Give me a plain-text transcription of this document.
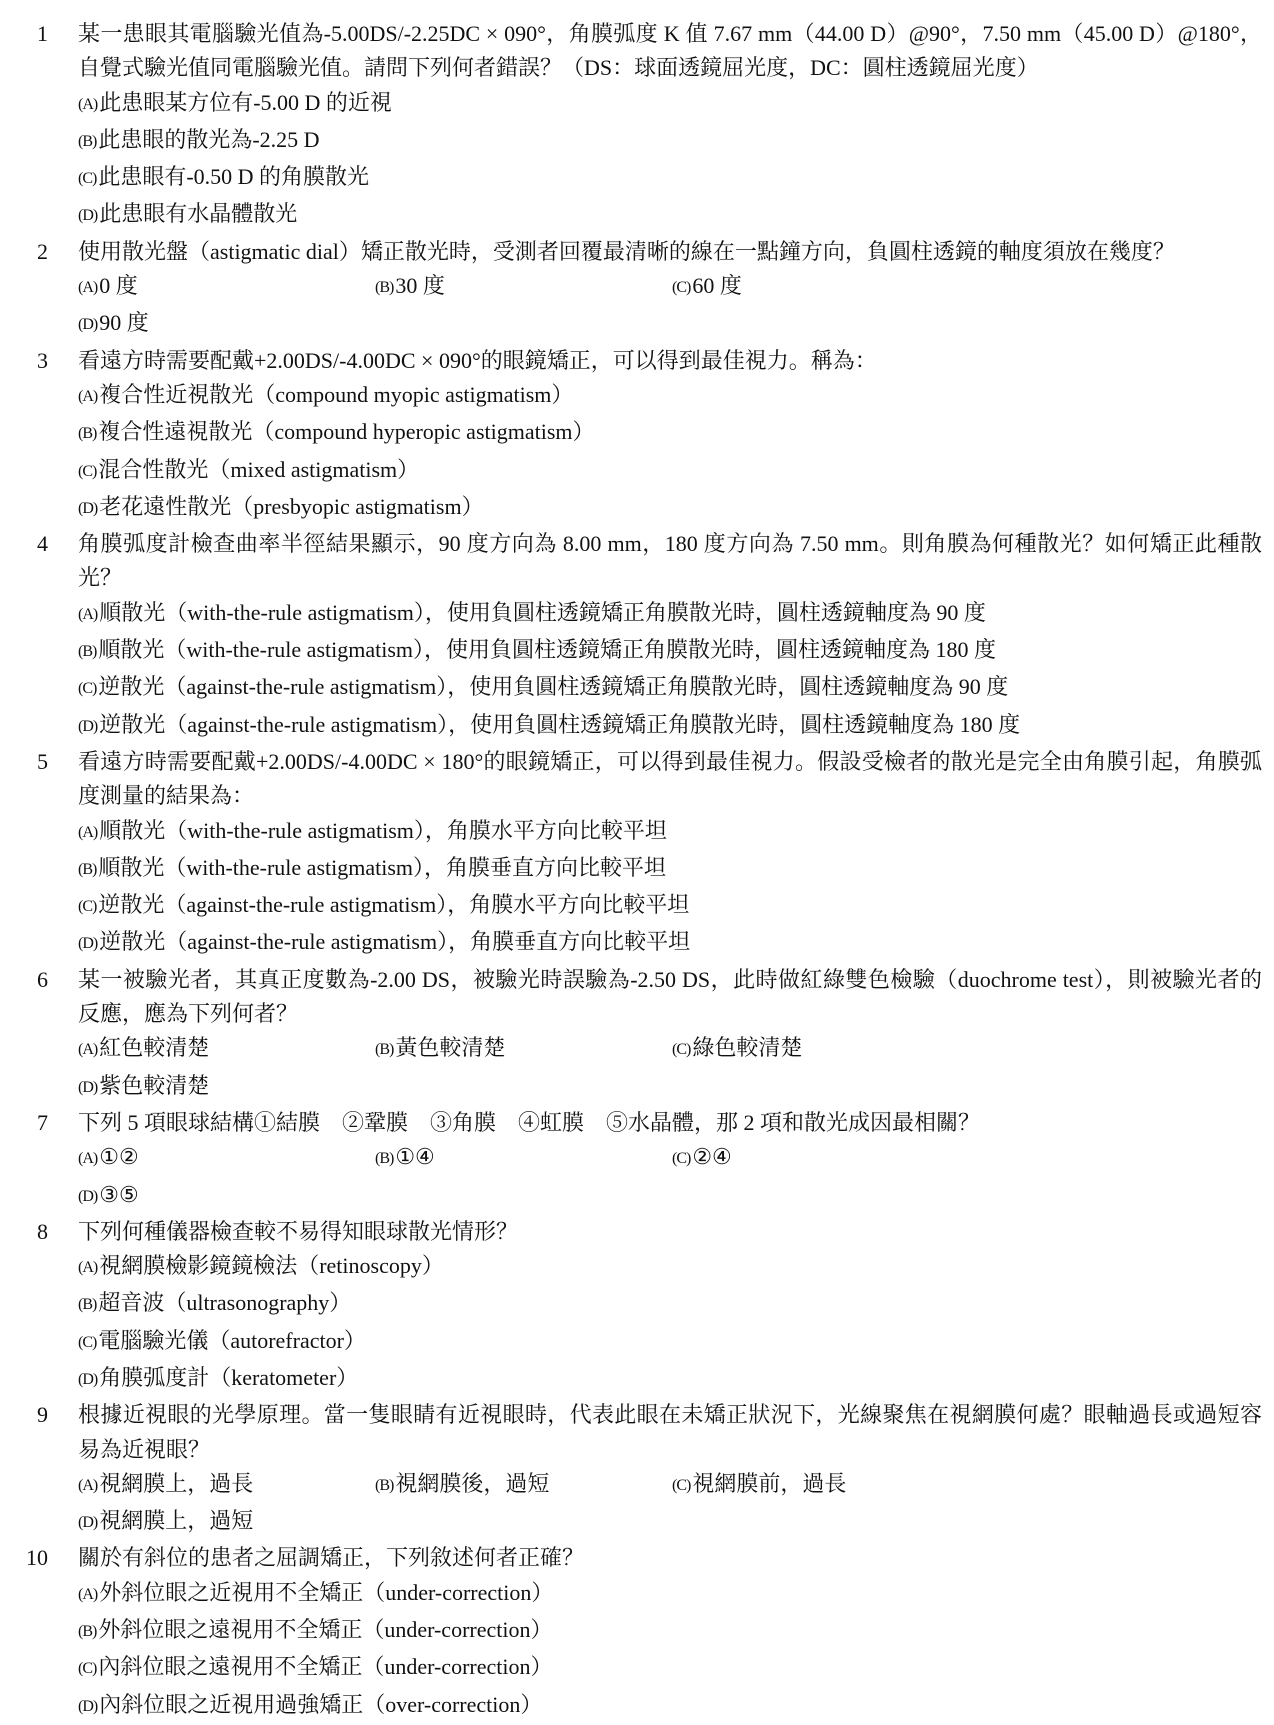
1	某一患眼其電腦驗光值為-5.00DS/-2.25DC × 090°，角膜弧度 K 值 7.67 mm（44.00 D）@90°，7.50 mm（45.00 D）@180°，自覺式驗光值同電腦驗光值。請問下列何者錯誤？（DS：球面透鏡屈光度，DC：圓柱透鏡屈光度）
(A)此患眼某方位有-5.00 D 的近視
(B)此患眼的散光為-2.25 D
(C)此患眼有-0.50 D 的角膜散光
(D)此患眼有水晶體散光
2	使用散光盤（astigmatic dial）矯正散光時，受測者回覆最清晰的線在一點鐘方向，負圓柱透鏡的軸度須放在幾度？
(A)0 度	(B)30 度	(C)60 度
(D)90 度
3	看遠方時需要配戴+2.00DS/-4.00DC × 090°的眼鏡矯正，可以得到最佳視力。稱為：
(A)複合性近視散光（compound myopic astigmatism）
(B)複合性遠視散光（compound hyperopic astigmatism）
(C)混合性散光（mixed astigmatism）
(D)老花遠性散光（presbyopic astigmatism）
4	角膜弧度計檢查曲率半徑結果顯示，90 度方向為 8.00 mm，180 度方向為 7.50 mm。則角膜為何種散光？如何矯正此種散光？
(A)順散光（with-the-rule astigmatism），使用負圓柱透鏡矯正角膜散光時，圓柱透鏡軸度為 90 度
(B)順散光（with-the-rule astigmatism），使用負圓柱透鏡矯正角膜散光時，圓柱透鏡軸度為 180 度
(C)逆散光（against-the-rule astigmatism），使用負圓柱透鏡矯正角膜散光時，圓柱透鏡軸度為 90 度
(D)逆散光（against-the-rule astigmatism），使用負圓柱透鏡矯正角膜散光時，圓柱透鏡軸度為 180 度
5	看遠方時需要配戴+2.00DS/-4.00DC × 180°的眼鏡矯正，可以得到最佳視力。假設受檢者的散光是完全由角膜引起，角膜弧度測量的結果為：
(A)順散光（with-the-rule astigmatism），角膜水平方向比較平坦
(B)順散光（with-the-rule astigmatism），角膜垂直方向比較平坦
(C)逆散光（against-the-rule astigmatism），角膜水平方向比較平坦
(D)逆散光（against-the-rule astigmatism），角膜垂直方向比較平坦
6	某一被驗光者，其真正度數為-2.00 DS，被驗光時誤驗為-2.50 DS，此時做紅綠雙色檢驗（duochrome test），則被驗光者的反應，應為下列何者？
(A)紅色較清楚	(B)黃色較清楚	(C)綠色較清楚
(D)紫色較清楚
7	下列 5 項眼球結構①結膜　②鞏膜　③角膜　④虹膜　⑤水晶體，那 2 項和散光成因最相關？
(A)①②	(B)①④	(C)②④
(D)③⑤
8	下列何種儀器檢查較不易得知眼球散光情形？
(A)視網膜檢影鏡鏡檢法（retinoscopy）
(B)超音波（ultrasonography）
(C)電腦驗光儀（autorefractor）
(D)角膜弧度計（keratometer）
9	根據近視眼的光學原理。當一隻眼睛有近視眼時，代表此眼在未矯正狀況下，光線聚焦在視網膜何處？眼軸過長或過短容易為近視眼？
(A)視網膜上，過長	(B)視網膜後，過短	(C)視網膜前，過長
(D)視網膜上，過短
10	關於有斜位的患者之屈調矯正，下列敘述何者正確？
(A)外斜位眼之近視用不全矯正（under-correction）
(B)外斜位眼之遠視用不全矯正（under-correction）
(C)內斜位眼之遠視用不全矯正（under-correction）
(D)內斜位眼之近視用過強矯正（over-correction）
